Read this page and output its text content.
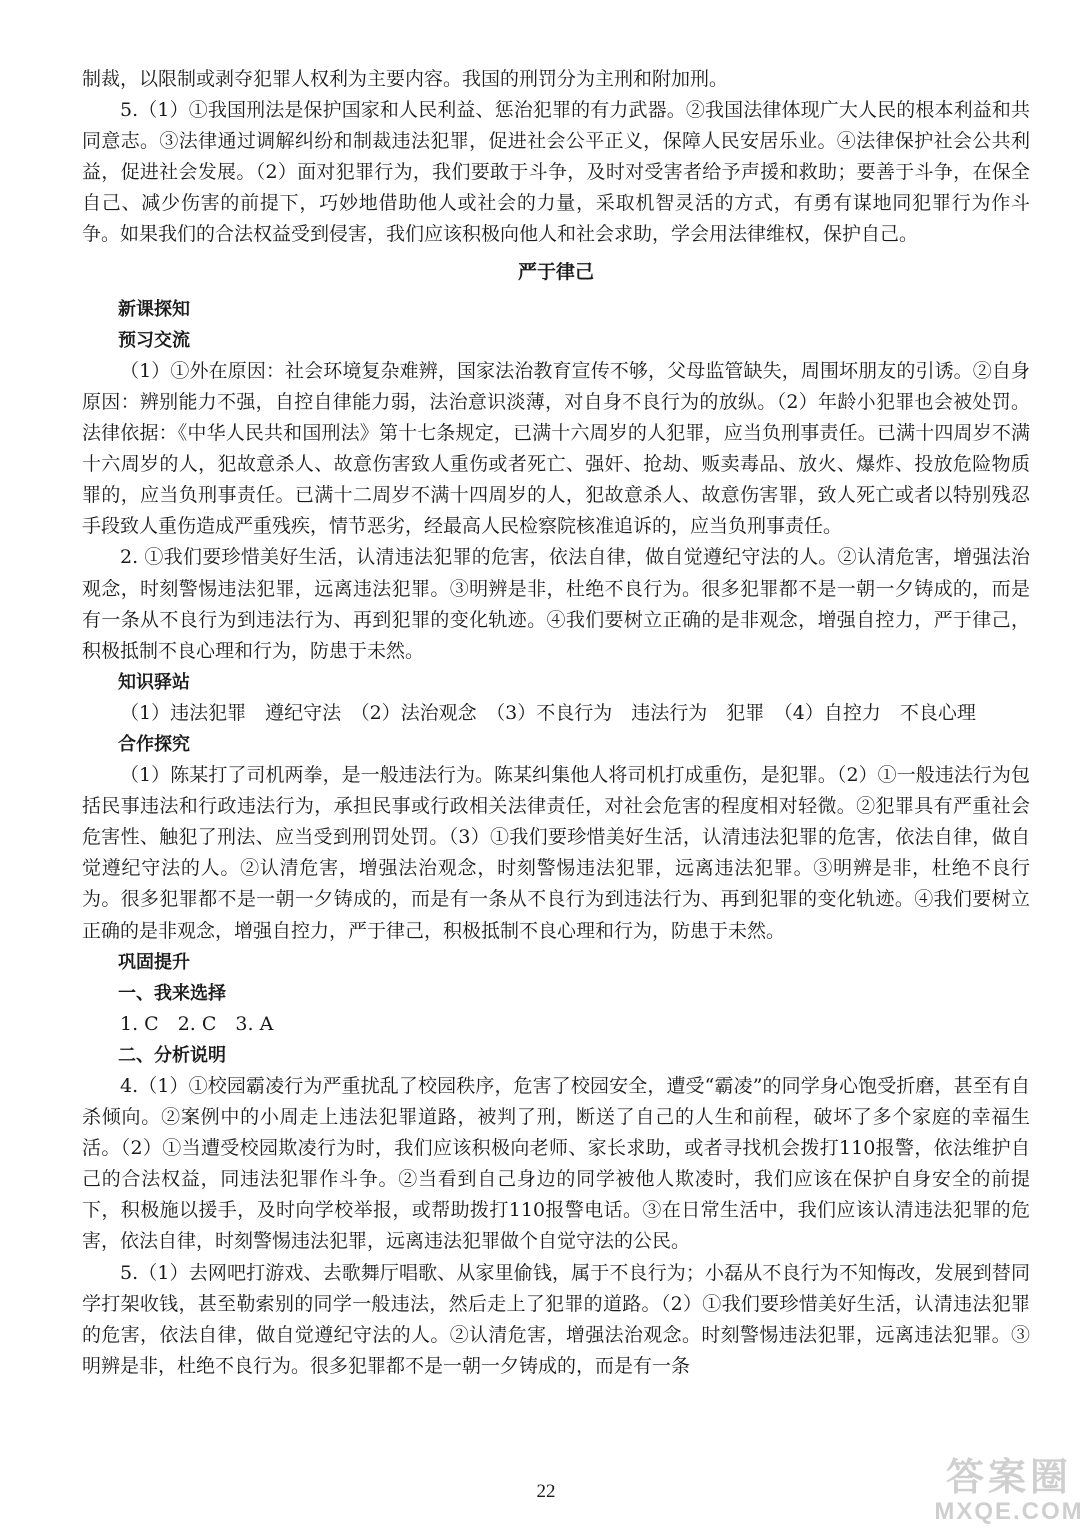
制裁，以限制或剥夺犯罪人权利为主要内容。我国的刑罚分为主刑和附加刑。

5.（1）①我国刑法是保护国家和人民利益、惩治犯罪的有力武器。②我国法律体现广大人民的根本利益和共同意志。③法律通过调解纠纷和制裁违法犯罪，促进社会公平正义，保障人民安居乐业。④法律保护社会公共利益，促进社会发展。（2）面对犯罪行为，我们要敢于斗争，及时对受害者给予声援和救助；要善于斗争，在保全自己、减少伤害的前提下，巧妙地借助他人或社会的力量，采取机智灵活的方式，有勇有谋地同犯罪行为作斗争。如果我们的合法权益受到侵害，我们应该积极向他人和社会求助，学会用法律维权，保护自己。

严于律己

新课探知

预习交流

（1）①外在原因：社会环境复杂难辨，国家法治教育宣传不够，父母监管缺失，周围坏朋友的引诱。②自身原因：辨别能力不强，自控自律能力弱，法治意识淡薄，对自身不良行为的放纵。（2）年龄小犯罪也会被处罚。法律依据：《中华人民共和国刑法》第十七条规定，已满十六周岁的人犯罪，应当负刑事责任。已满十四周岁不满十六周岁的人，犯故意杀人、故意伤害致人重伤或者死亡、强奸、抢劫、贩卖毒品、放火、爆炸、投放危险物质罪的，应当负刑事责任。已满十二周岁不满十四周岁的人，犯故意杀人、故意伤害罪，致人死亡或者以特别残忍手段致人重伤造成严重残疾，情节恶劣，经最高人民检察院核准追诉的，应当负刑事责任。

2. ①我们要珍惜美好生活，认清违法犯罪的危害，依法自律，做自觉遵纪守法的人。②认清危害，增强法治观念，时刻警惕违法犯罪，远离违法犯罪。③明辨是非，杜绝不良行为。很多犯罪都不是一朝一夕铸成的，而是有一条从不良行为到违法行为、再到犯罪的变化轨迹。④我们要树立正确的是非观念，增强自控力，严于律己，积极抵制不良心理和行为，防患于未然。

知识驿站

（1）违法犯罪　遵纪守法　（2）法治观念　（3）不良行为　违法行为　犯罪　（4）自控力　不良心理

合作探究

（1）陈某打了司机两拳，是一般违法行为。陈某纠集他人将司机打成重伤，是犯罪。（2）①一般违法行为包括民事违法和行政违法行为，承担民事或行政相关法律责任，对社会危害的程度相对轻微。②犯罪具有严重社会危害性、触犯了刑法、应当受到刑罚处罚。（3）①我们要珍惜美好生活，认清违法犯罪的危害，依法自律，做自觉遵纪守法的人。②认清危害，增强法治观念，时刻警惕违法犯罪，远离违法犯罪。③明辨是非，杜绝不良行为。很多犯罪都不是一朝一夕铸成的，而是有一条从不良行为到违法行为、再到犯罪的变化轨迹。④我们要树立正确的是非观念，增强自控力，严于律己，积极抵制不良心理和行为，防患于未然。

巩固提升

一、我来选择

1. C　2. C　3. A

二、分析说明

4.（1）①校园霸凌行为严重扰乱了校园秩序，危害了校园安全，遭受“霸凌”的同学身心饱受折磨，甚至有自杀倾向。②案例中的小周走上违法犯罪道路，被判了刑，断送了自己的人生和前程，破坏了多个家庭的幸福生活。（2）①当遭受校园欺凌行为时，我们应该积极向老师、家长求助，或者寻找机会拨打110报警，依法维护自己的合法权益，同违法犯罪作斗争。②当看到自己身边的同学被他人欺凌时，我们应该在保护自身安全的前提下，积极施以援手，及时向学校举报，或帮助拨打110报警电话。③在日常生活中，我们应该认清违法犯罪的危害，依法自律，时刻警惕违法犯罪，远离违法犯罪做个自觉守法的公民。

5.（1）去网吧打游戏、去歌舞厅唱歌、从家里偷钱，属于不良行为；小磊从不良行为不知悔改，发展到替同学打架收钱，甚至勒索别的同学一般违法，然后走上了犯罪的道路。（2）①我们要珍惜美好生活，认清违法犯罪的危害，依法自律，做自觉遵纪守法的人。②认清危害，增强法治观念。时刻警惕违法犯罪，远离违法犯罪。③明辨是非，杜绝不良行为。很多犯罪都不是一朝一夕铸成的，而是有一条

22	答案圈
MXQE.COM
